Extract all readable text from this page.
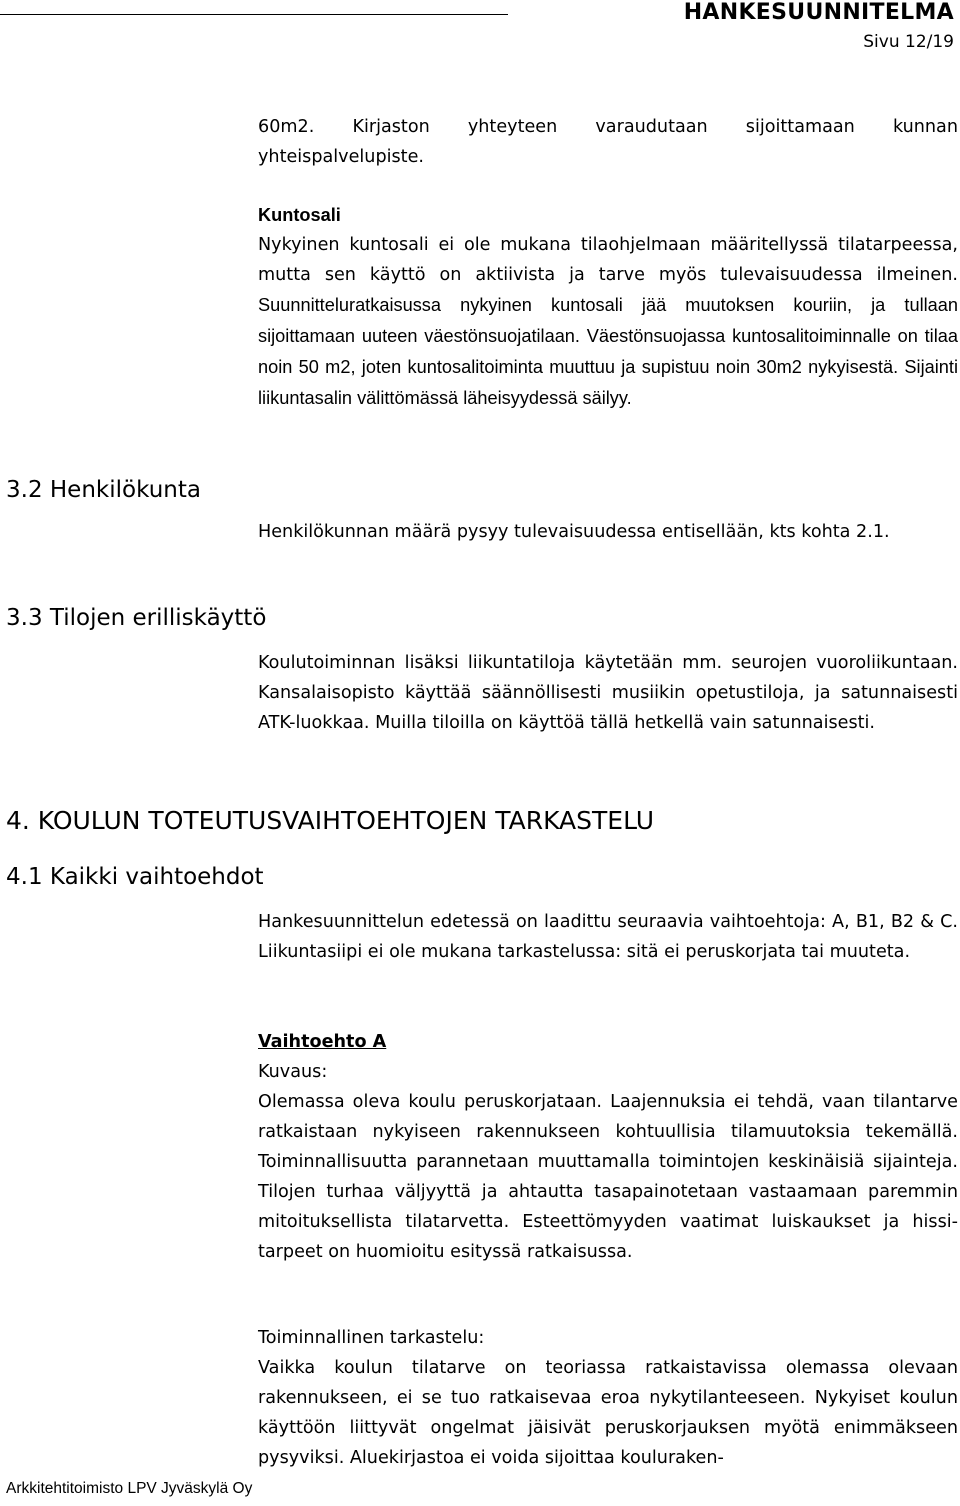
HANKESUUNNITELMA
Sivu 12/19

60m2. Kirjaston yhteyteen varaudutaan sijoittamaan kunnan yhteispalvelupiste.

Kuntosali

Nykyinen kuntosali ei ole mukana tilaohjelmaan määritellyssä tilatarpeessa, mutta sen käyttö on aktiivista ja tarve myös tulevaisuudessa ilmeinen. Suunnitteluratkaisussa nykyinen kuntosali jää muutoksen kouriin, ja tullaan sijoittamaan uuteen väestönsuojatilaan. Väestönsuojassa kuntosalitoiminnalle on tilaa noin 50 m2, joten kuntosalitoiminta muuttuu ja supistuu noin 30m2 nykyisestä. Sijainti liikuntasalin välittömässä läheisyydessä säilyy.

3.2 Henkilökunta

Henkilökunnan määrä pysyy tulevaisuudessa entisellään, kts kohta 2.1.

3.3 Tilojen erilliskäyttö

Koulutoiminnan lisäksi liikuntatiloja käytetään mm. seurojen vuoroliikuntaan. Kansalaisopisto käyttää säännöllisesti musiikin opetustiloja, ja satunnaisesti ATK-luokkaa. Muilla tiloilla on käyttöä tällä hetkellä vain satunnaisesti.

4. KOULUN TOTEUTUSVAIHTOEHTOJEN TARKASTELU
4.1 Kaikki vaihtoehdot

Hankesuunnittelun edetessä on laadittu seuraavia vaihtoehtoja: A, B1, B2 & C. Liikuntasiipi ei ole mukana tarkastelussa: sitä ei peruskorjata tai muuteta.

Vaihtoehto A

Kuvaus:

Olemassa oleva koulu peruskorjataan. Laajennuksia ei tehdä, vaan tilantarve ratkaistaan nykyiseen rakennukseen kohtuullisia tilamuutoksia tekemällä. Toiminnallisuutta parannetaan muuttamalla toimintojen keskinäisiä sijainteja. Tilojen turhaa väljyyttä ja ahtautta tasapainotetaan vastaamaan paremmin mitoituksellista tilatarvetta. Esteettömyyden vaatimat luiskaukset ja hissi-tarpeet on huomioitu esityssä ratkaisussa.

Toiminnallinen tarkastelu:

Vaikka koulun tilatarve on teoriassa ratkaistavissa olemassa olevaan rakennukseen, ei se tuo ratkaisevaa eroa nykytilanteeseen. Nykyiset koulun käyttöön liittyvät ongelmat jäisivät peruskorjauksen myötä enimmäkseen pysyviksi. Aluekirjastoa ei voida sijoittaa kouluraken-

Arkkitehtitoimisto LPV Jyväskylä Oy
